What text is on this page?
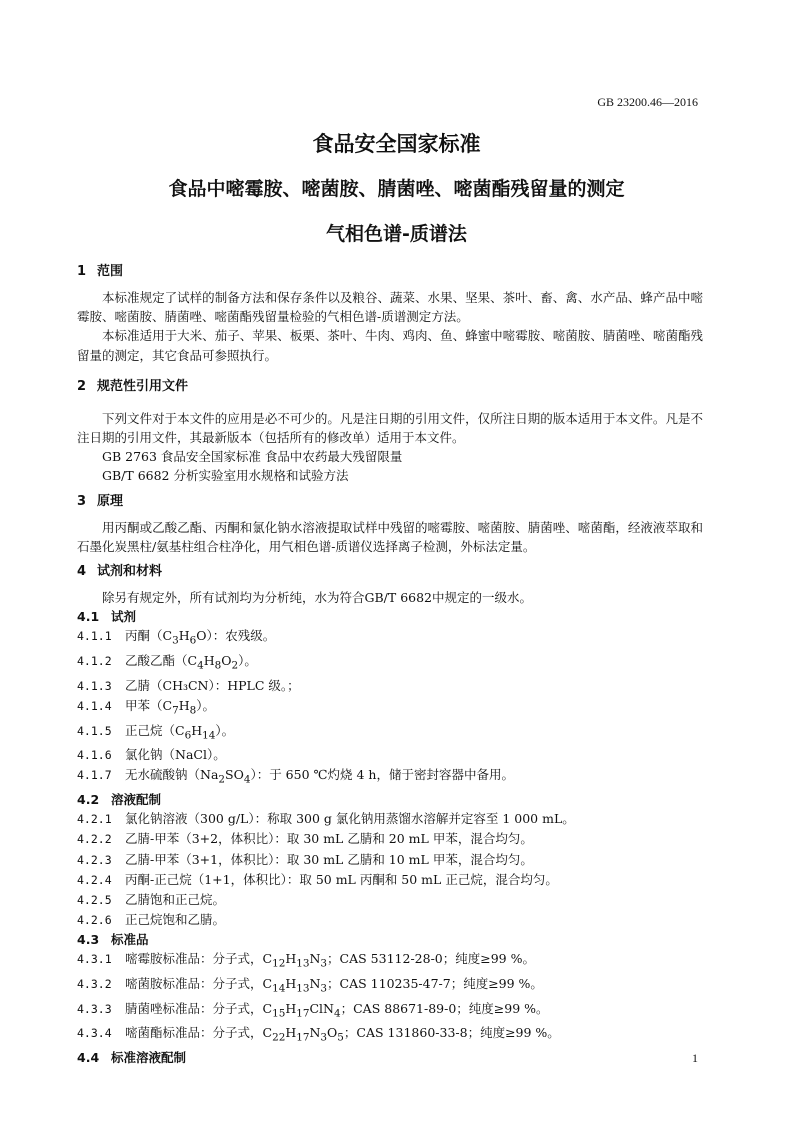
GB 23200.46—2016
食品安全国家标准
食品中嘧霉胺、嘧菌胺、腈菌唑、嘧菌酯残留量的测定
气相色谱-质谱法
1 范围

本标准规定了试样的制备方法和保存条件以及粮谷、蔬菜、水果、坚果、茶叶、畜、禽、水产品、蜂产品中嘧霉胺、嘧菌胺、腈菌唑、嘧菌酯残留量检验的气相色谱-质谱测定方法。

本标准适用于大米、茄子、苹果、板栗、茶叶、牛肉、鸡肉、鱼、蜂蜜中嘧霉胺、嘧菌胺、腈菌唑、嘧菌酯残留量的测定，其它食品可参照执行。

2 规范性引用文件

下列文件对于本文件的应用是必不可少的。凡是注日期的引用文件，仅所注日期的版本适用于本文件。凡是不注日期的引用文件，其最新版本（包括所有的修改单）适用于本文件。

GB 2763 食品安全国家标准 食品中农药最大残留限量
GB/T 6682 分析实验室用水规格和试验方法
3 原理

用丙酮或乙酸乙酯、丙酮和氯化钠水溶液提取试样中残留的嘧霉胺、嘧菌胺、腈菌唑、嘧菌酯，经液液萃取和石墨化炭黑柱/氨基柱组合柱净化，用气相色谱-质谱仪选择离子检测，外标法定量。

4 试剂和材料

除另有规定外，所有试剂均为分析纯，水为符合GB/T 6682中规定的一级水。

4.1 试剂
4.1.1 丙酮$(C_3H_6O)$：农残级。
4.1.2 乙酸乙酯$(C_4H_8O_2)$。
4.1.3 乙腈（CH₃CN）：HPLC 级。；
4.1.4 甲苯$(C_7H_8)$。
4.1.5 正己烷$(C_6H_{14})$。
4.1.6 氯化钠（NaCl）。
4.1.7 无水硫酸钠$(Na_2SO_4)$：于 650 ℃灼烧 4 h，储于密封容器中备用。
4.2 溶液配制
4.2.1 氯化钠溶液（300 g/L）：称取 300 g 氯化钠用蒸馏水溶解并定容至 1 000 mL。
4.2.2 乙腈-甲苯（3+2，体积比）：取 30 mL 乙腈和 20 mL 甲苯，混合均匀。
4.2.3 乙腈-甲苯（3+1，体积比）：取 30 mL 乙腈和 10 mL 甲苯，混合均匀。
4.2.4 丙酮-正己烷（1+1，体积比）：取 50 mL 丙酮和 50 mL 正己烷，混合均匀。
4.2.5 乙腈饱和正己烷。
4.2.6 正己烷饱和乙腈。
4.3 标准品
4.3.1 嘧霉胺标准品：分子式，$C_{12}H_{13}N_3$；CAS 53112-28-0；纯度≥99 %。
4.3.2 嘧菌胺标准品：分子式，$C_{14}H_{13}N_3$；CAS 110235-47-7；纯度≥99 %。
4.3.3 腈菌唑标准品：分子式，$C_{15}H_{17}ClN_4$；CAS 88671-89-0；纯度≥99 %。
4.3.4 嘧菌酯标准品：分子式，$C_{22}H_{17}N_3O_5$；CAS 131860-33-8；纯度≥99 %。
4.4 标准溶液配制	1
